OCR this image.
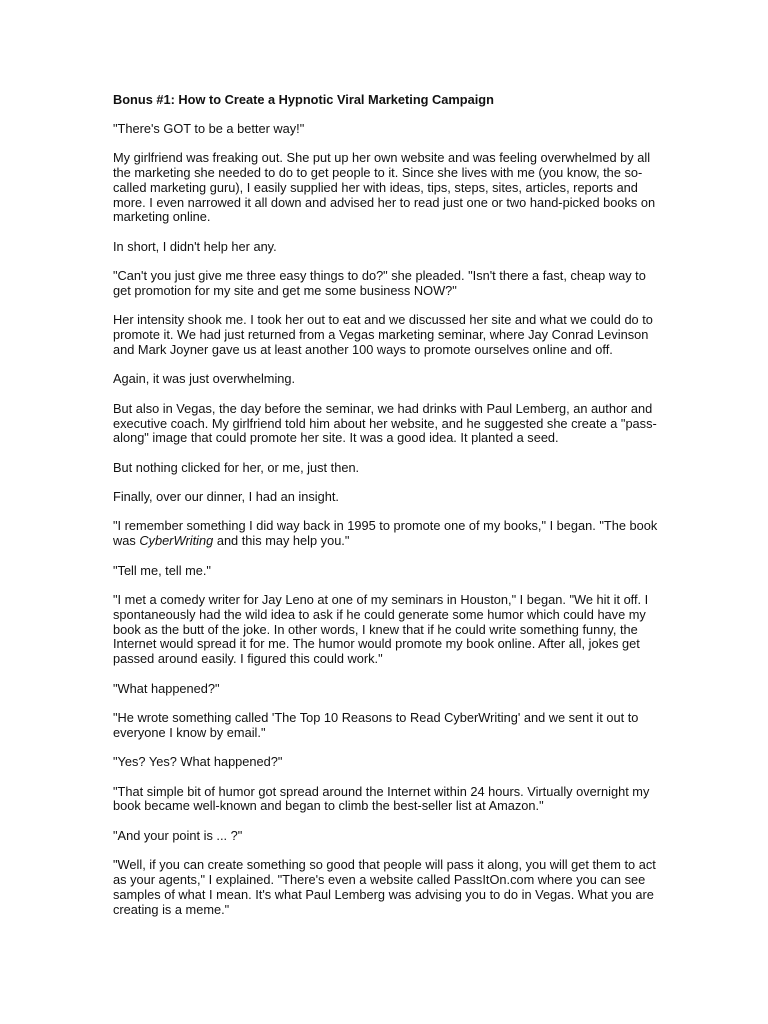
Bonus #1: How to Create a Hypnotic Viral Marketing Campaign

"There's GOT to be a better way!"

My girlfriend was freaking out. She put up her own website and was feeling overwhelmed by all the marketing she needed to do to get people to it. Since she lives with me (you know, the so-called marketing guru), I easily supplied her with ideas, tips, steps, sites, articles, reports and more. I even narrowed it all down and advised her to read just one or two hand-picked books on marketing online.

In short, I didn't help her any.

"Can't you just give me three easy things to do?" she pleaded. "Isn't there a fast, cheap way to get promotion for my site and get me some business NOW?"

Her intensity shook me. I took her out to eat and we discussed her site and what we could do to promote it. We had just returned from a Vegas marketing seminar, where Jay Conrad Levinson and Mark Joyner gave us at least another 100 ways to promote ourselves online and off.

Again, it was just overwhelming.

But also in Vegas, the day before the seminar, we had drinks with Paul Lemberg, an author and executive coach. My girlfriend told him about her website, and he suggested she create a "pass-along" image that could promote her site. It was a good idea. It planted a seed.

But nothing clicked for her, or me, just then.

Finally, over our dinner, I had an insight.

"I remember something I did way back in 1995 to promote one of my books," I began. "The book was CyberWriting and this may help you."

"Tell me, tell me."

"I met a comedy writer for Jay Leno at one of my seminars in Houston," I began. "We hit it off. I spontaneously had the wild idea to ask if he could generate some humor which could have my book as the butt of the joke. In other words, I knew that if he could write something funny, the Internet would spread it for me. The humor would promote my book online. After all, jokes get passed around easily. I figured this could work."

"What happened?"

"He wrote something called 'The Top 10 Reasons to Read CyberWriting' and we sent it out to everyone I know by email."

"Yes? Yes? What happened?"

"That simple bit of humor got spread around the Internet within 24 hours. Virtually overnight my book became well-known and began to climb the best-seller list at Amazon."

"And your point is ... ?"

"Well, if you can create something so good that people will pass it along, you will get them to act as your agents," I explained. "There's even a website called PassItOn.com where you can see samples of what I mean. It's what Paul Lemberg was advising you to do in Vegas. What you are creating is a meme."
